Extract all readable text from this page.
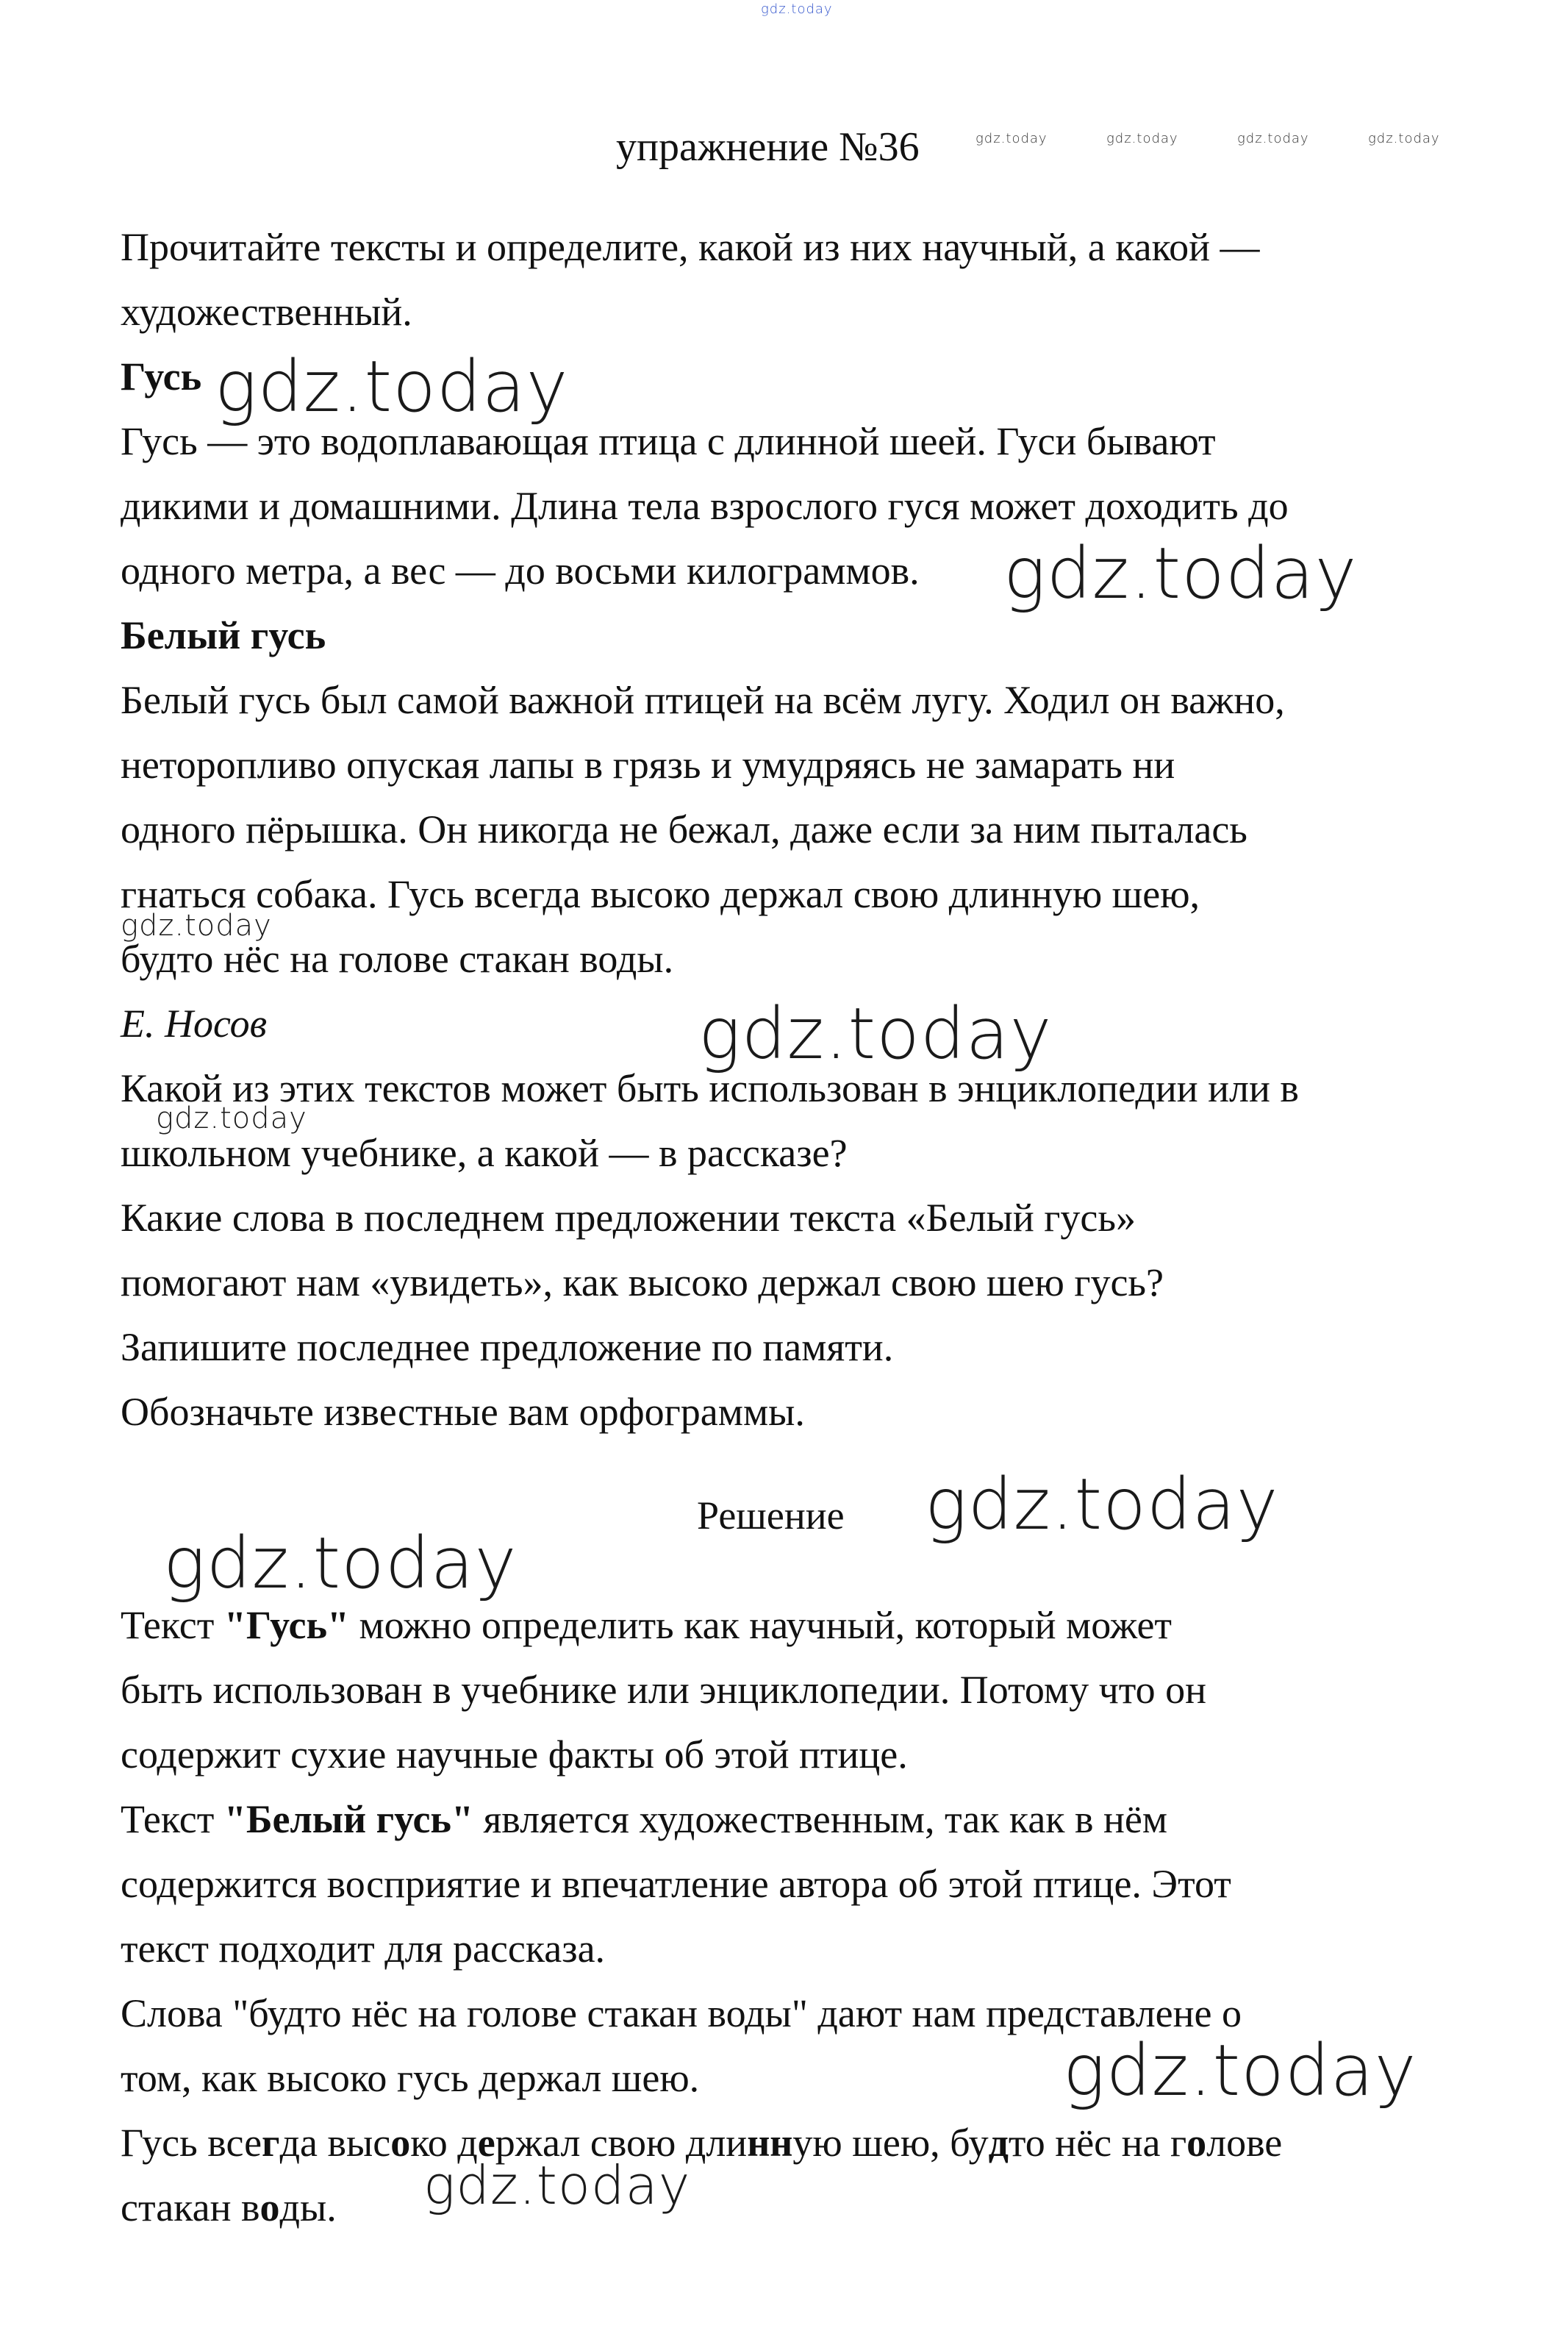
gdz.today
упражнение №36	gdz.today	gdz.today	gdz.today	gdz.today
Прочитайте тексты и определите, какой из них научный, а какой —
художественный.
Гусь gdz.today
Гусь — это водоплавающая птица с длинной шеей. Гуси бывают
дикими и домашними. Длина тела взрослого гуся может доходить до
одного метра, а вес — до восьми килограммов. gdz.today
Белый гусь
Белый гусь был самой важной птицей на всём лугу. Ходил он важно,
неторопливо опуская лапы в грязь и умудряясь не замарать ни
одного пёрышка. Он никогда не бежал, даже если за ним пыталась
гнаться собака. Гусь всегда высоко держал свою длинную шею,
gdz.today
будто нёс на голове стакан воды.
Е. Носов	gdz.today
Какой из этих текстов может быть использован в энциклопедии или в
gdz.today
школьном учебнике, а какой — в рассказе?
Какие слова в последнем предложении текста «Белый гусь»
помогают нам «увидеть», как высоко держал свою шею гусь?
Запишите последнее предложение по памяти.
Обозначьте известные вам орфограммы.
Решение gdz.today
gdz.today
Текст "Гусь" можно определить как научный, который может
быть использован в учебнике или энциклопедии. Потому что он
содержит сухие научные факты об этой птице.
Текст "Белый гусь" является художественным, так как в нём
содержится восприятие и впечатление автора об этой птице. Этот
текст подходит для рассказа.
Слова "будто нёс на голове стакан воды" дают нам представлене о
том, как высоко гусь держал шею.	gdz.today
Гусь всегда высоко держал свою длинную шею, будто нёс на голове
стакан воды. gdz.today
